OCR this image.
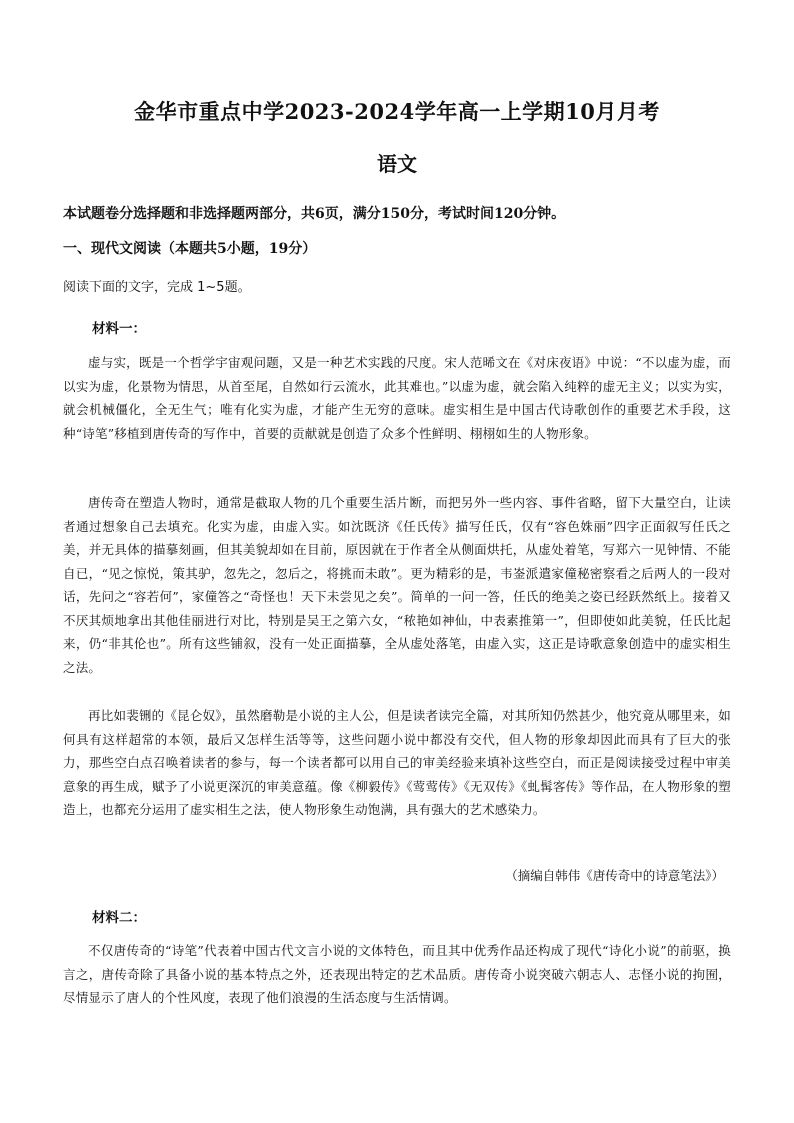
金华市重点中学2023-2024学年高一上学期10月月考
语文
本试题卷分选择题和非选择题两部分，共6页，满分150分，考试时间120分钟。
一、现代文阅读（本题共5小题，19分）
阅读下面的文字，完成 1~5题。
材料一：
虚与实，既是一个哲学宇宙观问题，又是一种艺术实践的尺度。宋人范晞文在《对床夜语》中说：“不以虚为虚，而以实为虚，化景物为情思，从首至尾，自然如行云流水，此其难也。”以虚为虚，就会陷入纯粹的虚无主义；以实为实，就会机械僵化，全无生气；唯有化实为虚，才能产生无穷的意味。虚实相生是中国古代诗歌创作的重要艺术手段，这种“诗笔”移植到唐传奇的写作中，首要的贡献就是创造了众多个性鲜明、栩栩如生的人物形象。
唐传奇在塑造人物时，通常是截取人物的几个重要生活片断，而把另外一些内容、事件省略，留下大量空白，让读者通过想象自己去填充。化实为虚，由虚入实。如沈既济《任氏传》描写任氏，仅有“容色姝丽”四字正面叙写任氏之美，并无具体的描摹刻画，但其美貌却如在目前，原因就在于作者全从侧面烘托，从虚处着笔，写郑六一见钟情、不能自已，“见之惊悦，策其驴，忽先之，忽后之，将挑而未敢”。更为精彩的是，韦崟派遣家僮秘密察看之后两人的一段对话，先问之“容若何”，家僮答之“奇怪也！天下未尝见之矣”。简单的一问一答，任氏的绝美之姿已经跃然纸上。接着又不厌其烦地拿出其他佳丽进行对比，特别是吴王之第六女，“秾艳如神仙，中表素推第一”，但即使如此美貌，任氏比起来，仍“非其伦也”。所有这些铺叙，没有一处正面描摹，全从虚处落笔，由虚入实，这正是诗歌意象创造中的虚实相生之法。
再比如裴铏的《昆仑奴》，虽然磨勒是小说的主人公，但是读者读完全篇，对其所知仍然甚少，他究竟从哪里来，如何具有这样超常的本领，最后又怎样生活等等，这些问题小说中都没有交代，但人物的形象却因此而具有了巨大的张力，那些空白点召唤着读者的参与，每一个读者都可以用自己的审美经验来填补这些空白，而正是阅读接受过程中审美意象的再生成，赋予了小说更深沉的审美意蕴。像《柳毅传》《莺莺传》《无双传》《虬髯客传》等作品，在人物形象的塑造上，也都充分运用了虚实相生之法，使人物形象生动饱满，具有强大的艺术感染力。
（摘编自韩伟《唐传奇中的诗意笔法》）
材料二：
不仅唐传奇的“诗笔”代表着中国古代文言小说的文体特色，而且其中优秀作品还构成了现代“诗化小说”的前驱，换言之，唐传奇除了具备小说的基本特点之外，还表现出特定的艺术品质。唐传奇小说突破六朝志人、志怪小说的拘囿，尽情显示了唐人的个性风度，表现了他们浪漫的生活态度与生活情调。
